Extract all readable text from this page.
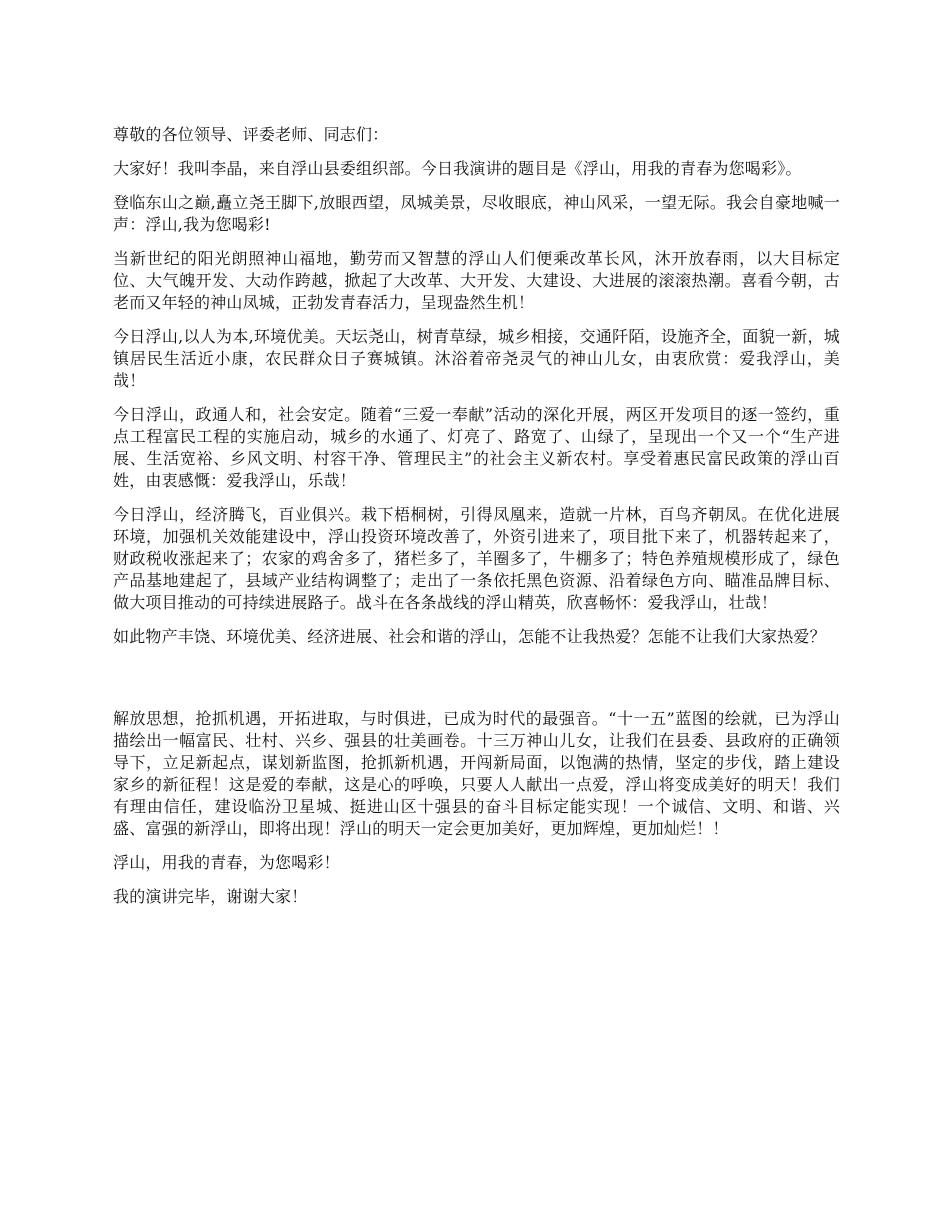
尊敬的各位领导、评委老师、同志们：

大家好！我叫李晶，来自浮山县委组织部。今日我演讲的题目是《浮山，用我的青春为您喝彩》。

登临东山之巅,矗立尧王脚下,放眼西望，凤城美景，尽收眼底，神山风采，一望无际。我会自豪地喊一声：浮山,我为您喝彩!

当新世纪的阳光朗照神山福地，勤劳而又智慧的浮山人们便乘改革长风，沐开放春雨，以大目标定位、大气魄开发、大动作跨越，掀起了大改革、大开发、大建设、大进展的滚滚热潮。喜看今朝，古老而又年轻的神山凤城，正勃发青春活力，呈现盎然生机！

今日浮山,以人为本,环境优美。天坛尧山，树青草绿，城乡相接，交通阡陌，设施齐全，面貌一新，城镇居民生活近小康，农民群众日子赛城镇。沐浴着帝尧灵气的神山儿女，由衷欣赏：爱我浮山，美哉！

今日浮山，政通人和，社会安定。随着“三爱一奉献”活动的深化开展，两区开发项目的逐一签约，重点工程富民工程的实施启动，城乡的水通了、灯亮了、路宽了、山绿了，呈现出一个又一个“生产进展、生活宽裕、乡风文明、村容干净、管理民主”的社会主义新农村。享受着惠民富民政策的浮山百姓，由衷感慨：爱我浮山，乐哉！

今日浮山，经济腾飞，百业俱兴。栽下梧桐树，引得凤凰来，造就一片林，百鸟齐朝凤。在优化进展环境，加强机关效能建设中，浮山投资环境改善了，外资引进来了，项目批下来了，机器转起来了，财政税收涨起来了；农家的鸡舍多了，猪栏多了，羊圈多了，牛棚多了；特色养殖规模形成了，绿色产品基地建起了，县域产业结构调整了；走出了一条依托黑色资源、沿着绿色方向、瞄准品牌目标、做大项目推动的可持续进展路子。战斗在各条战线的浮山精英，欣喜畅怀：爱我浮山，壮哉！

如此物产丰饶、环境优美、经济进展、社会和谐的浮山，怎能不让我热爱？怎能不让我们大家热爱？

解放思想，抢抓机遇，开拓进取，与时俱进，已成为时代的最强音。“十一五”蓝图的绘就，已为浮山描绘出一幅富民、壮村、兴乡、强县的壮美画卷。十三万神山儿女，让我们在县委、县政府的正确领导下，立足新起点，谋划新监图，抢抓新机遇，开闯新局面，以饱满的热情，坚定的步伐，踏上建设家乡的新征程！这是爱的奉献，这是心的呼唤，只要人人献出一点爱，浮山将变成美好的明天！我们有理由信任，建设临汾卫星城、挺进山区十强县的奋斗目标定能实现！一个诚信、文明、和谐、兴盛、富强的新浮山，即将出现！浮山的明天一定会更加美好，更加辉煌，更加灿烂！！

浮山，用我的青春，为您喝彩！

我的演讲完毕，谢谢大家！
